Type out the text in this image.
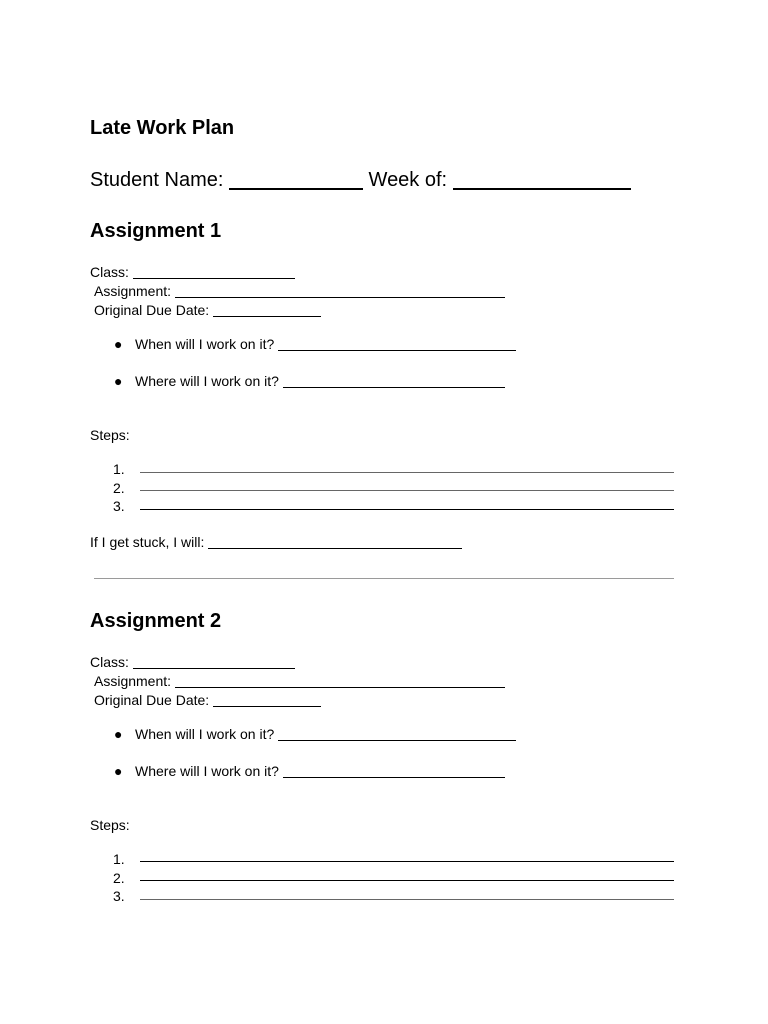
Late Work Plan
Student Name:	Week of:
Assignment 1
Class:
Assignment:
Original Due Date:
● When will I work on it?
● Where will I work on it?
Steps:
1.
2.
3.
If I get stuck, I will:
Assignment 2
Class:
Assignment:
Original Due Date:
● When will I work on it?
● Where will I work on it?
Steps:
1.
2.
3.
